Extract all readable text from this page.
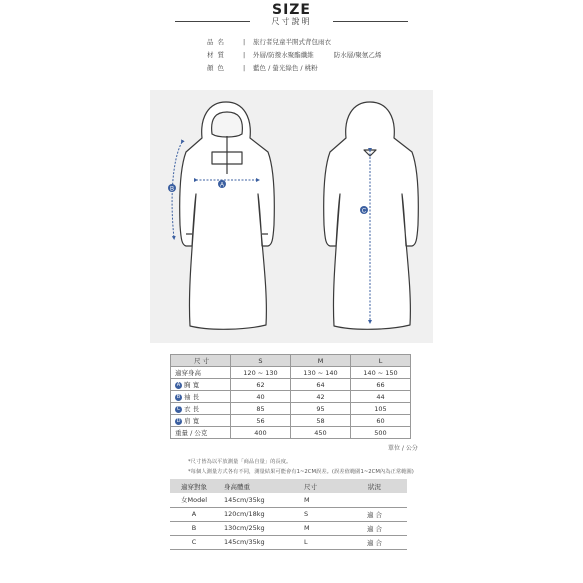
SIZE
尺寸說明
品名	|	旅行者兒童半開式背包雨衣
材質	|	外層/防撥水聚酯纖維	防水層/聚氨乙烯
顏色	|	藍色 / 螢光綠色 / 桃粉
A
B
C
尺 寸	S	M	L
適穿身高	120 ~ 130	130 ~ 140	140 ~ 150
A 胸 寬	62	64	66
B 袖 長	40	42	44
C 衣 長	85	95	105
D 肩 寬	56	58	60
重量 / 公克	400	450	500
單位 / 公分
*尺寸皆為以平放測量「商品自量」的長度。
*每個人測量方式各有不同，測量結果可能會有1~2CM誤差。(誤差值範圍1~2CM內為正常範圍)
適穿對象	身高體重	尺寸	狀況
女Model	145cm/35kg	M	
A	120cm/18kg	S	適 合
B	130cm/25kg	M	適 合
C	145cm/35kg	L	適 合
